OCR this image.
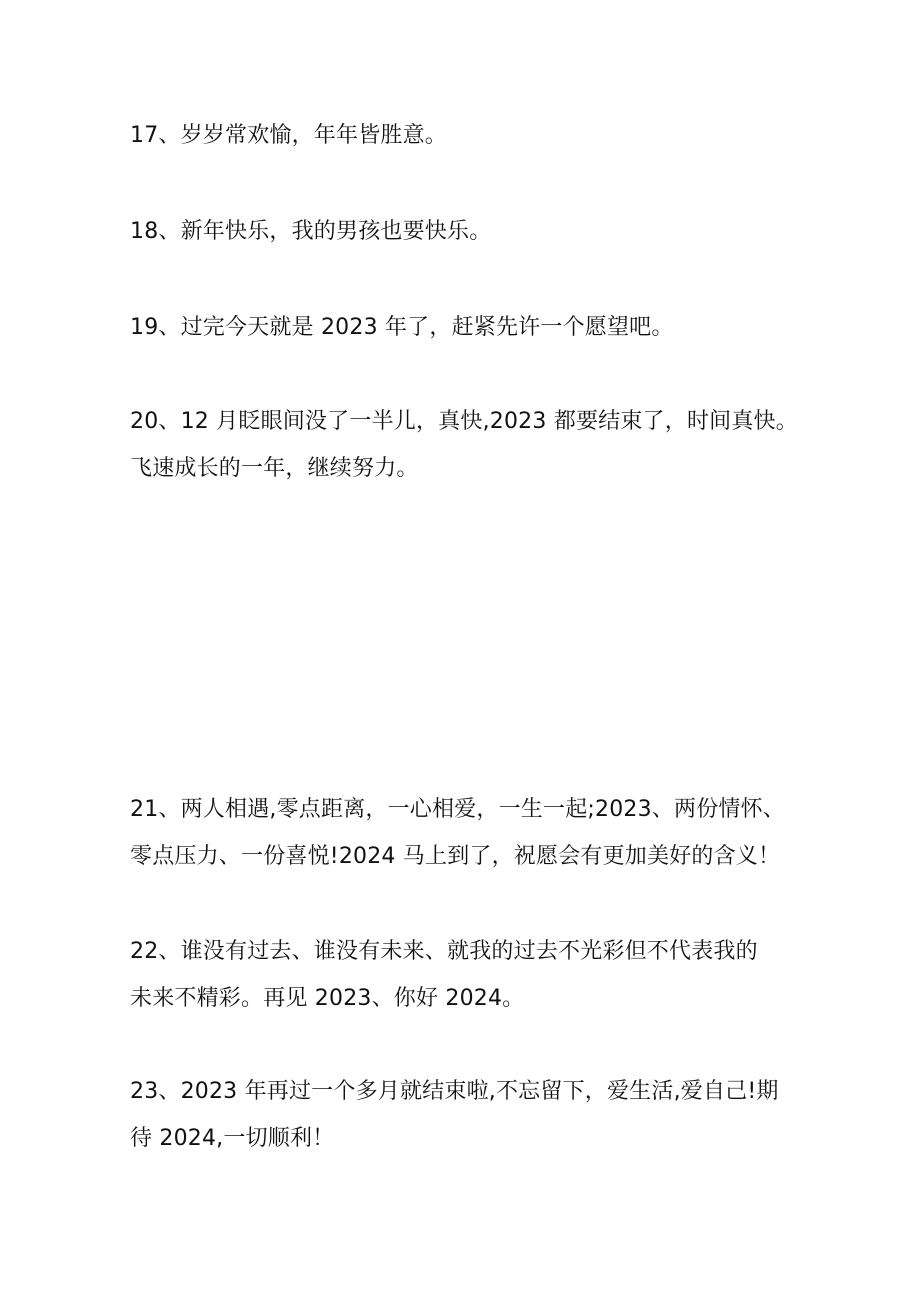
17、岁岁常欢愉，年年皆胜意。

18、新年快乐，我的男孩也要快乐。

19、过完今天就是 2023 年了，赶紧先许一个愿望吧。

20、12 月眨眼间没了一半儿，真快,2023 都要结束了，时间真快。
飞速成长的一年，继续努力。

21、两人相遇,零点距离，一心相爱，一生一起;2023、两份情怀、
零点压力、一份喜悦!2024 马上到了，祝愿会有更加美好的含义！

22、谁没有过去、谁没有未来、就我的过去不光彩但不代表我的
未来不精彩。再见 2023、你好 2024。

23、2023 年再过一个多月就结束啦,不忘留下，爱生活,爱自己!期
待 2024,一切顺利！
